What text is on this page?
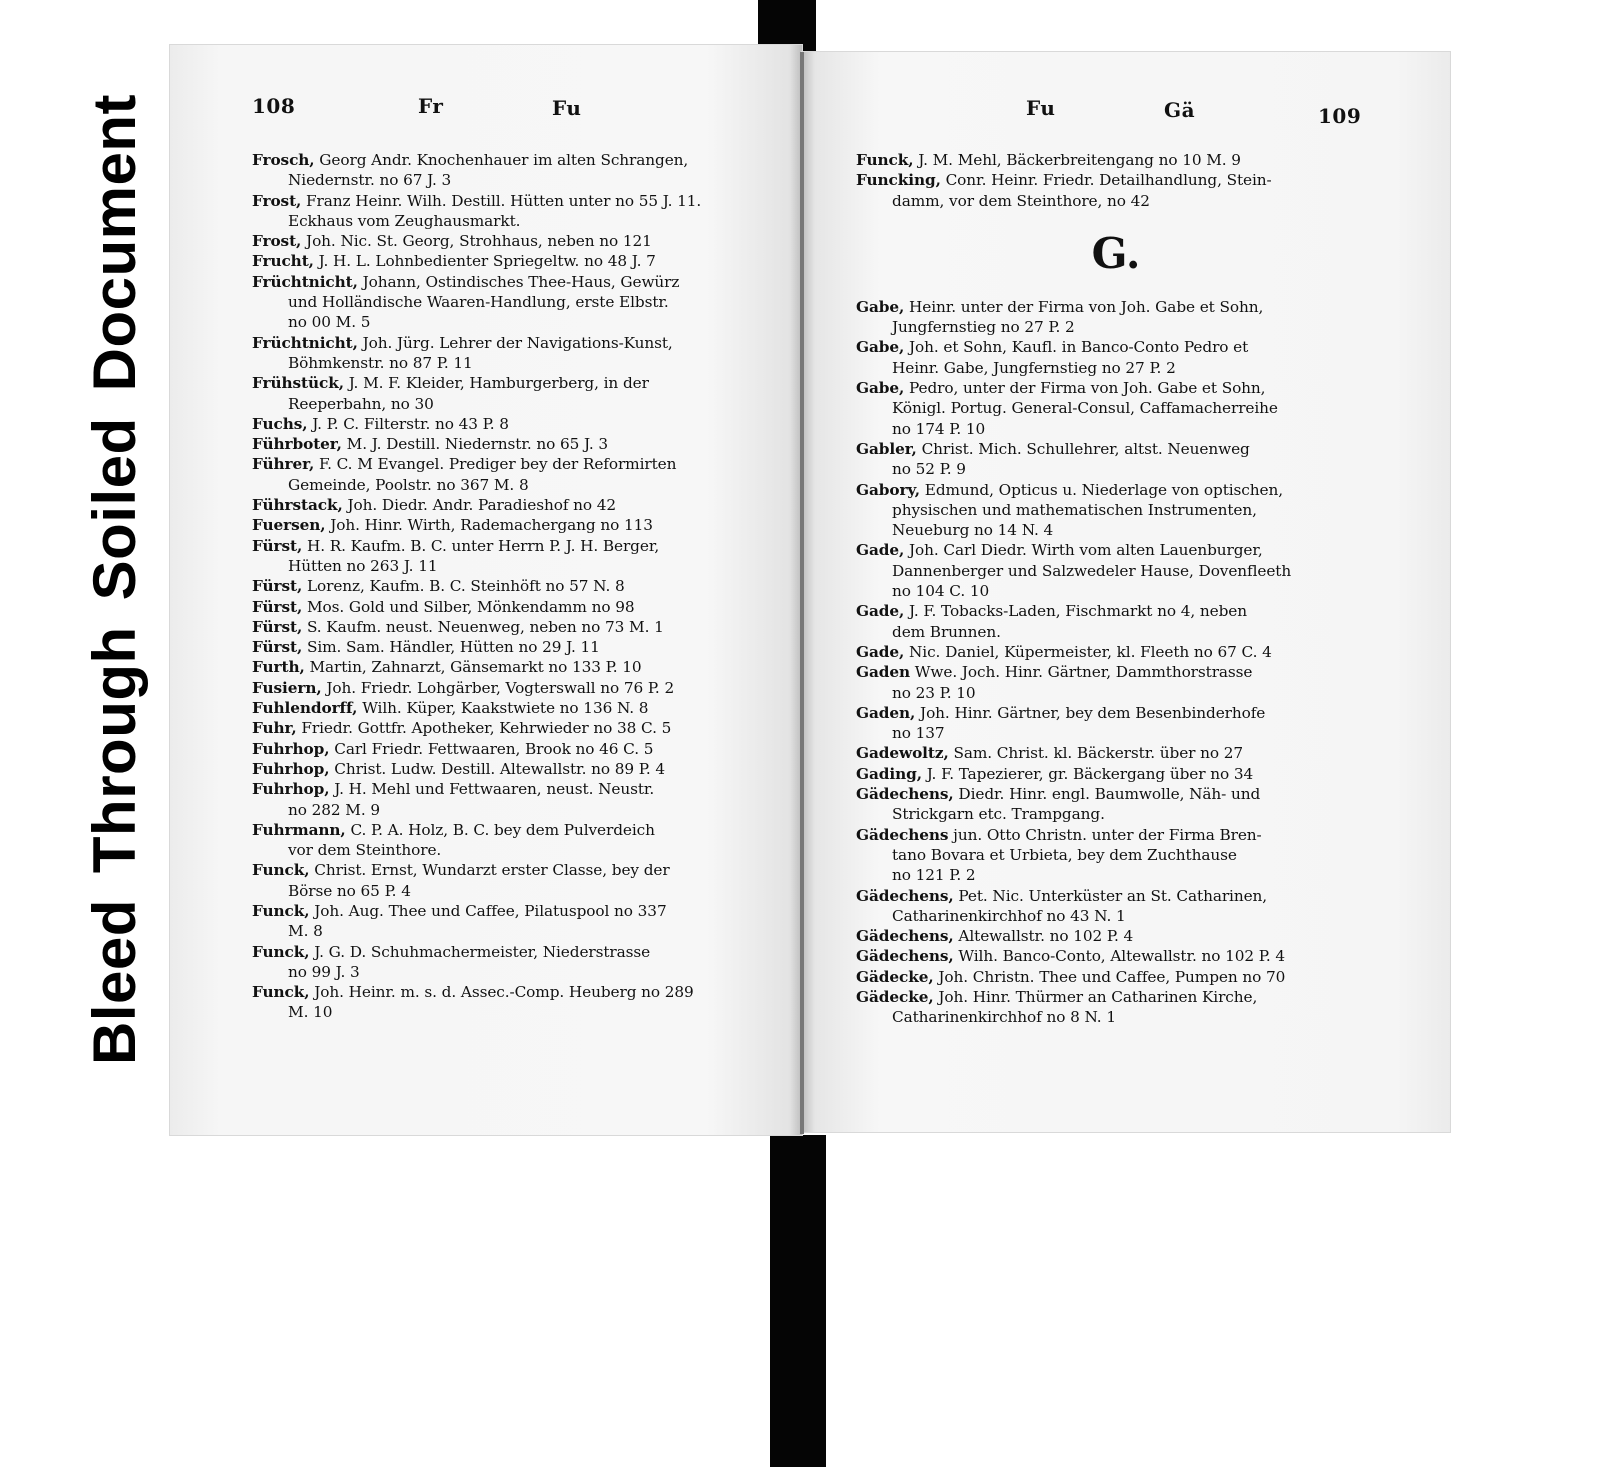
Bleed
Through
Soiled
Document	108	Fr	Fu
Frosch, Georg Andr. Knochenhauer im alten Schrangen,
Niedernstr. no 67 J. 3
Frost, Franz Heinr. Wilh. Destill. Hütten unter no 55 J. 11.
Eckhaus vom Zeughausmarkt.
Frost, Joh. Nic. St. Georg, Strohhaus, neben no 121
Frucht, J. H. L. Lohnbedienter Spriegeltw. no 48 J. 7
Früchtnicht, Johann, Ostindisches Thee-Haus, Gewürz
und Holländische Waaren-Handlung, erste Elbstr.
no 00 M. 5
Früchtnicht, Joh. Jürg. Lehrer der Navigations-Kunst,
Böhmkenstr. no 87 P. 11
Frühstück, J. M. F. Kleider, Hamburgerberg, in der
Reeperbahn, no 30
Fuchs, J. P. C. Filterstr. no 43 P. 8
Führboter, M. J. Destill. Niedernstr. no 65 J. 3
Führer, F. C. M Evangel. Prediger bey der Reformirten
Gemeinde, Poolstr. no 367 M. 8
Führstack, Joh. Diedr. Andr. Paradieshof no 42
Fuersen, Joh. Hinr. Wirth, Rademachergang no 113
Fürst, H. R. Kaufm. B. C. unter Herrn P. J. H. Berger,
Hütten no 263 J. 11
Fürst, Lorenz, Kaufm. B. C. Steinhöft no 57 N. 8
Fürst, Mos. Gold und Silber, Mönkendamm no 98
Fürst, S. Kaufm. neust. Neuenweg, neben no 73 M. 1
Fürst, Sim. Sam. Händler, Hütten no 29 J. 11
Furth, Martin, Zahnarzt, Gänsemarkt no 133 P. 10
Fusiern, Joh. Friedr. Lohgärber, Vogterswall no 76 P. 2
Fuhlendorff, Wilh. Küper, Kaakstwiete no 136 N. 8
Fuhr, Friedr. Gottfr. Apotheker, Kehrwieder no 38 C. 5
Fuhrhop, Carl Friedr. Fettwaaren, Brook no 46 C. 5
Fuhrhop, Christ. Ludw. Destill. Altewallstr. no 89 P. 4
Fuhrhop, J. H. Mehl und Fettwaaren, neust. Neustr.
no 282 M. 9
Fuhrmann, C. P. A. Holz, B. C. bey dem Pulverdeich
vor dem Steinthore.
Funck, Christ. Ernst, Wundarzt erster Classe, bey der
Börse no 65 P. 4
Funck, Joh. Aug. Thee und Caffee, Pilatuspool no 337
M. 8
Funck, J. G. D. Schuhmachermeister, Niederstrasse
no 99 J. 3
Funck, Joh. Heinr. m. s. d. Assec.-Comp. Heuberg no 289
M. 10
Fu	Gä	109
Funck, J. M. Mehl, Bäckerbreitengang no 10 M. 9
Funcking, Conr. Heinr. Friedr. Detailhandlung, Stein-
damm, vor dem Steinthore, no 42
G.
Gabe, Heinr. unter der Firma von Joh. Gabe et Sohn,
Jungfernstieg no 27 P. 2
Gabe, Joh. et Sohn, Kaufl. in Banco-Conto Pedro et
Heinr. Gabe, Jungfernstieg no 27 P. 2
Gabe, Pedro, unter der Firma von Joh. Gabe et Sohn,
Königl. Portug. General-Consul, Caffamacherreihe
no 174 P. 10
Gabler, Christ. Mich. Schullehrer, altst. Neuenweg
no 52 P. 9
Gabory, Edmund, Opticus u. Niederlage von optischen,
physischen und mathematischen Instrumenten,
Neueburg no 14 N. 4
Gade, Joh. Carl Diedr. Wirth vom alten Lauenburger,
Dannenberger und Salzwedeler Hause, Dovenfleeth
no 104 C. 10
Gade, J. F. Tobacks-Laden, Fischmarkt no 4, neben
dem Brunnen.
Gade, Nic. Daniel, Küpermeister, kl. Fleeth no 67 C. 4
Gaden Wwe. Joch. Hinr. Gärtner, Dammthorstrasse
no 23 P. 10
Gaden, Joh. Hinr. Gärtner, bey dem Besenbinderhofe
no 137
Gadewoltz, Sam. Christ. kl. Bäckerstr. über no 27
Gading, J. F. Tapezierer, gr. Bäckergang über no 34
Gädechens, Diedr. Hinr. engl. Baumwolle, Näh- und
Strickgarn etc. Trampgang.
Gädechens jun. Otto Christn. unter der Firma Bren-
tano Bovara et Urbieta, bey dem Zuchthause
no 121 P. 2
Gädechens, Pet. Nic. Unterküster an St. Catharinen,
Catharinenkirchhof no 43 N. 1
Gädechens, Altewallstr. no 102 P. 4
Gädechens, Wilh. Banco-Conto, Altewallstr. no 102 P. 4
Gädecke, Joh. Christn. Thee und Caffee, Pumpen no 70
Gädecke, Joh. Hinr. Thürmer an Catharinen Kirche,
Catharinenkirchhof no 8 N. 1
